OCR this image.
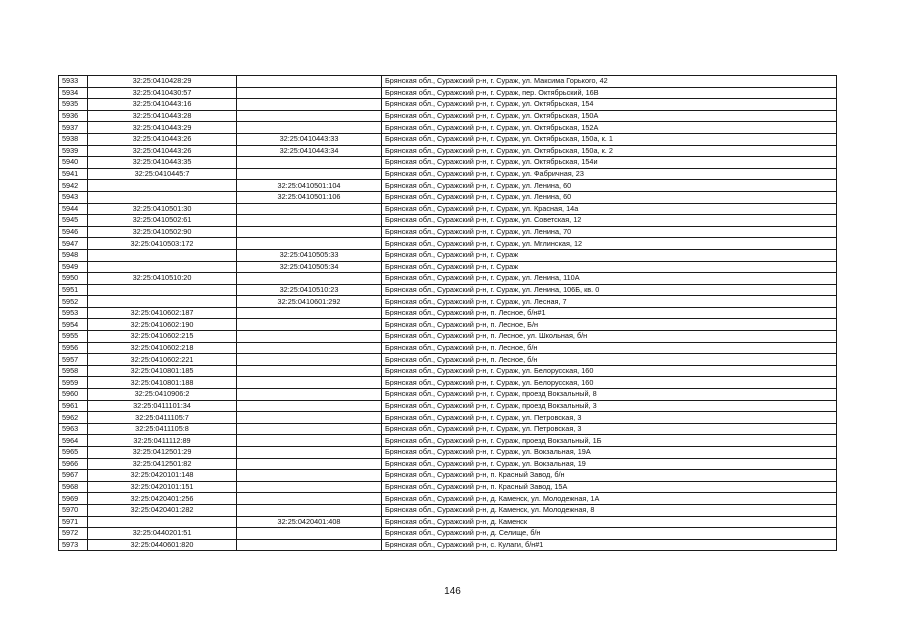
5933	32:25:0410428:29		Брянская обл., Суражский р-н, г. Сураж, ул. Максима Горького, 42
5934	32:25:0410430:57		Брянская обл., Суражский р-н, г. Сураж, пер. Октябрьский, 16В
5935	32:25:0410443:16		Брянская обл., Суражский р-н, г. Сураж, ул. Октябрьская, 154
5936	32:25:0410443:28		Брянская обл., Суражский р-н, г. Сураж, ул. Октябрьская, 150А
5937	32:25:0410443:29		Брянская обл., Суражский р-н, г. Сураж, ул. Октябрьская, 152А
5938	32:25:0410443:26	32:25:0410443:33	Брянская обл., Суражский р-н, г. Сураж, ул. Октябрьская, 150а, к. 1
5939	32:25:0410443:26	32:25:0410443:34	Брянская обл., Суражский р-н, г. Сураж, ул. Октябрьская, 150а, к. 2
5940	32:25:0410443:35		Брянская обл., Суражский р-н, г. Сураж, ул. Октябрьская, 154и
5941	32:25:0410445:7		Брянская обл., Суражский р-н, г. Сураж, ул. Фабричная, 23
5942		32:25:0410501:104	Брянская обл., Суражский р-н, г. Сураж, ул. Ленина, 60
5943		32:25:0410501:106	Брянская обл., Суражский р-н, г. Сураж, ул. Ленина, 60
5944	32:25:0410501:30		Брянская обл., Суражский р-н, г. Сураж, ул. Красная, 14а
5945	32:25:0410502:61		Брянская обл., Суражский р-н, г. Сураж, ул. Советская, 12
5946	32:25:0410502:90		Брянская обл., Суражский р-н, г. Сураж, ул. Ленина, 70
5947	32:25:0410503:172		Брянская обл., Суражский р-н, г. Сураж, ул. Мглинская, 12
5948		32:25:0410505:33	Брянская обл., Суражский р-н, г. Сураж
5949		32:25:0410505:34	Брянская обл., Суражский р-н, г. Сураж
5950	32:25:0410510:20		Брянская обл., Суражский р-н, г. Сураж, ул. Ленина, 110А
5951		32:25:0410510:23	Брянская обл., Суражский р-н, г. Сураж, ул. Ленина, 106Б, кв. 0
5952		32:25:0410601:292	Брянская обл., Суражский р-н, г. Сураж, ул. Лесная, 7
5953	32:25:0410602:187		Брянская обл., Суражский р-н, п. Лесное, б/н#1
5954	32:25:0410602:190		Брянская обл., Суражский р-н, п. Лесное, Б/н
5955	32:25:0410602:215		Брянская обл., Суражский р-н, п. Лесное, ул. Школьная, б/н
5956	32:25:0410602:218		Брянская обл., Суражский р-н, п. Лесное, б/н
5957	32:25:0410602:221		Брянская обл., Суражский р-н, п. Лесное, б/н
5958	32:25:0410801:185		Брянская обл., Суражский р-н, г. Сураж, ул. Белорусская, 160
5959	32:25:0410801:188		Брянская обл., Суражский р-н, г. Сураж, ул. Белорусская, 160
5960	32:25:0410906:2		Брянская обл., Суражский р-н, г. Сураж, проезд Вокзальный, 8
5961	32:25:0411101:34		Брянская обл., Суражский р-н, г. Сураж, проезд Вокзальный, 3
5962	32:25:0411105:7		Брянская обл., Суражский р-н, г. Сураж, ул. Петровская, 3
5963	32:25:0411105:8		Брянская обл., Суражский р-н, г. Сураж, ул. Петровская, 3
5964	32:25:0411112:89		Брянская обл., Суражский р-н, г. Сураж, проезд Вокзальный, 1Б
5965	32:25:0412501:29		Брянская обл., Суражский р-н, г. Сураж, ул. Вокзальная, 19А
5966	32:25:0412501:82		Брянская обл., Суражский р-н, г. Сураж, ул. Вокзальная, 19
5967	32:25:0420101:148		Брянская обл., Суражский р-н, п. Красный Завод, б/н
5968	32:25:0420101:151		Брянская обл., Суражский р-н, п. Красный Завод, 15А
5969	32:25:0420401:256		Брянская обл., Суражский р-н, д. Каменск, ул. Молодежная, 1А
5970	32:25:0420401:282		Брянская обл., Суражский р-н, д. Каменск, ул. Молодежная, 8
5971		32:25:0420401:408	Брянская обл., Суражский р-н, д. Каменск
5972	32:25:0440201:51		Брянская обл., Суражский р-н, д. Селище, б/н
5973	32:25:0440601:820		Брянская обл., Суражский р-н, с. Кулаги, б/н#1
146
